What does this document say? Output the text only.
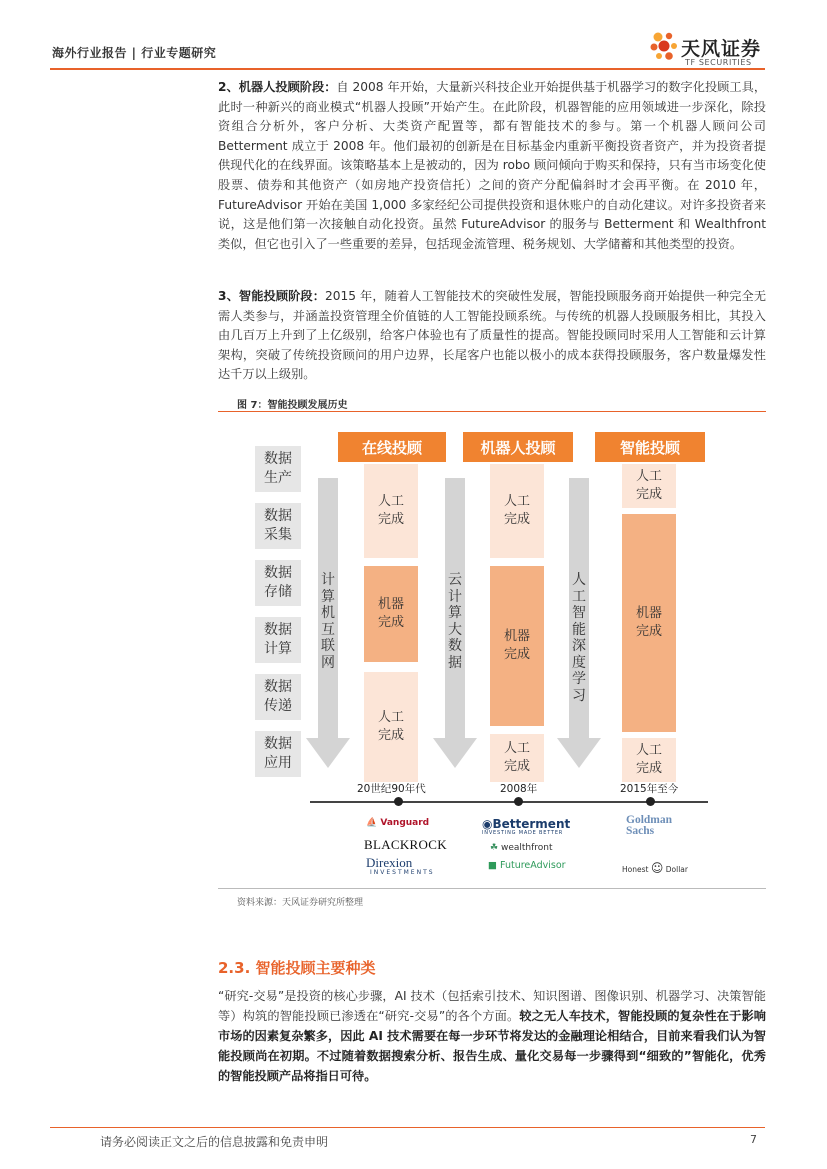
海外行业报告 | 行业专题研究	天风证券
TF SECURITIES
2、机器人投顾阶段：自 2008 年开始，大量新兴科技企业开始提供基于机器学习的数字化投顾工具，此时一种新兴的商业模式“机器人投顾”开始产生。在此阶段，机器智能的应用领域进一步深化，除投资组合分析外，客户分析、大类资产配置等，都有智能技术的参与。第一个机器人顾问公司 Betterment 成立于 2008 年。他们最初的创新是在目标基金内重新平衡投资者资产，并为投资者提供现代化的在线界面。该策略基本上是被动的，因为 robo 顾问倾向于购买和保持，只有当市场变化使股票、债券和其他资产（如房地产投资信托）之间的资产分配偏斜时才会再平衡。在 2010 年，FutureAdvisor 开始在美国 1,000 多家经纪公司提供投资和退休账户的自动化建议。对许多投资者来说，这是他们第一次接触自动化投资。虽然 FutureAdvisor 的服务与 Betterment 和 Wealthfront 类似，但它也引入了一些重要的差异，包括现金流管理、税务规划、大学储蓄和其他类型的投资。
3、智能投顾阶段：2015 年，随着人工智能技术的突破性发展，智能投顾服务商开始提供一种完全无需人类参与，并涵盖投资管理全价值链的人工智能投顾系统。与传统的机器人投顾服务相比，其投入由几百万上升到了上亿级别，给客户体验也有了质量性的提高。智能投顾同时采用人工智能和云计算架构，突破了传统投资顾问的用户边界，长尾客户也能以极小的成本获得投顾服务，客户数量爆发性达千万以上级别。
图 7：智能投顾发展历史
数据生产
数据采集
数据存储
数据计算
数据传递
数据应用
在线投顾	机器人投顾	智能投顾
计算机互联网
云计算大数据
人工智能深度学习
人工完成
机器完成
人工完成
人工完成
机器完成
人工完成
人工完成
机器完成
人工完成
20世纪90年代	2008年	2015年至今
⛵ Vanguard
BLACKROCK
Direxion
INVESTMENTS
◉Betterment
INVESTING MADE BETTER
☘ wealthfront
■ FutureAdvisor
Goldman
Sachs
Honest ☺ Dollar
资料来源：天风证券研究所整理
2.3. 智能投顾主要种类
“研究-交易”是投资的核心步骤，AI 技术（包括索引技术、知识图谱、图像识别、机器学习、决策智能等）构筑的智能投顾已渗透在“研究-交易”的各个方面。较之无人车技术，智能投顾的复杂性在于影响市场的因素复杂繁多，因此 AI 技术需要在每一步环节将发达的金融理论相结合，目前来看我们认为智能投顾尚在初期。不过随着数据搜索分析、报告生成、量化交易每一步骤得到“细致的”智能化，优秀的智能投顾产品将指日可待。
请务必阅读正文之后的信息披露和免责申明	7
